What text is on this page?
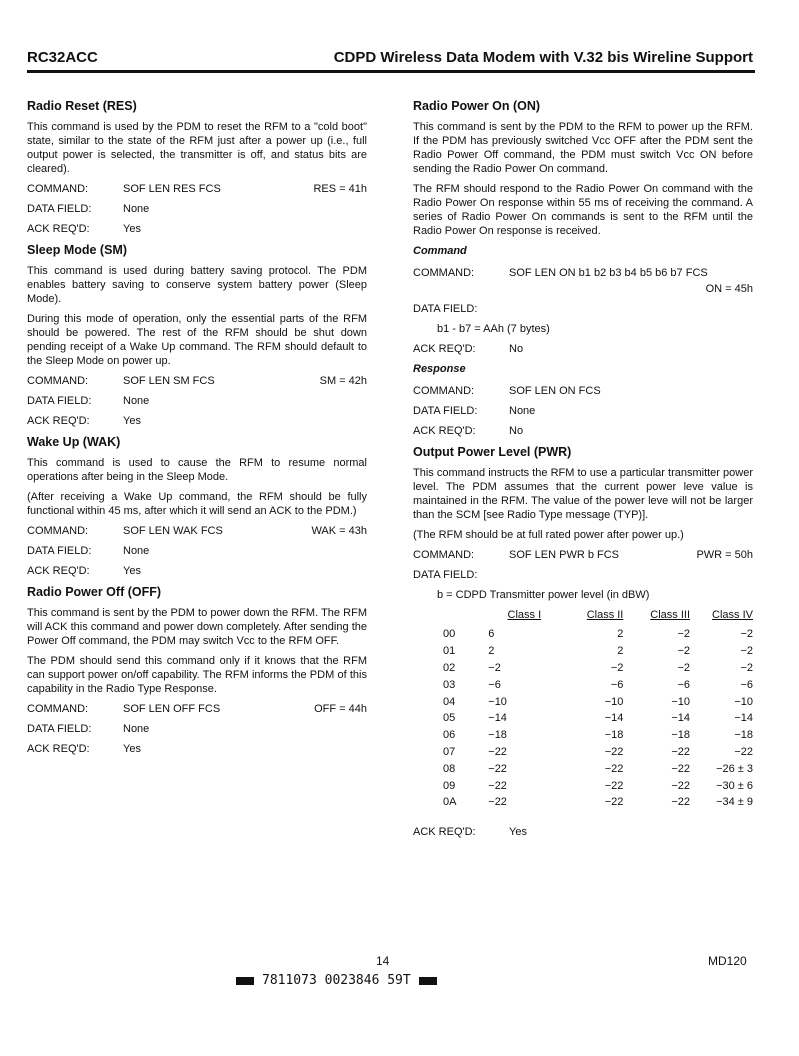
RC32ACC	CDPD Wireless Data Modem with V.32 bis Wireline Support
Radio Reset (RES)

This command is used by the PDM to reset the RFM to a "cold boot" state, similar to the state of the RFM just after a power up (i.e., full output power is selected, the transmitter is off, and status bits are cleared).

COMMAND:	SOF LEN RES FCS	RES = 41h
DATA FIELD:	None
ACK REQ'D:	Yes
Sleep Mode (SM)

This command is used during battery saving protocol. The PDM enables battery saving to conserve system battery power (Sleep Mode).

During this mode of operation, only the essential parts of the RFM should be powered. The rest of the RFM should be shut down pending receipt of a Wake Up command. The RFM should default to the Sleep Mode on power up.

COMMAND:	SOF LEN SM FCS	SM = 42h
DATA FIELD:	None
ACK REQ'D:	Yes
Wake Up (WAK)

This command is used to cause the RFM to resume normal operations after being in the Sleep Mode.

(After receiving a Wake Up command, the RFM should be fully functional within 45 ms, after which it will send an ACK to the PDM.)

COMMAND:	SOF LEN WAK FCS	WAK = 43h
DATA FIELD:	None
ACK REQ'D:	Yes
Radio Power Off (OFF)

This command is sent by the PDM to power down the RFM. The RFM will ACK this command and power down completely. After sending the Power Off command, the PDM may switch Vcc to the RFM OFF.

The PDM should send this command only if it knows that the RFM can support power on/off capability. The RFM informs the PDM of this capability in the Radio Type Response.

COMMAND:	SOF LEN OFF FCS	OFF = 44h
DATA FIELD:	None
ACK REQ'D:	Yes
Radio Power On (ON)

This command is sent by the PDM to the RFM to power up the RFM. If the PDM has previously switched Vcc OFF after the PDM sent the Radio Power Off command, the PDM must switch Vcc ON before sending the Radio Power On command.

The RFM should respond to the Radio Power On command with the Radio Power On response within 55 ms of receiving the command. A series of Radio Power On commands is sent to the RFM until the Radio Power On response is received.

Command
COMMAND:	SOF LEN ON b1 b2 b3 b4 b5 b6 b7 FCS
ON = 45h
DATA FIELD:
b1 - b7 = AAh (7 bytes)
ACK REQ'D:	No
Response
COMMAND:	SOF LEN ON FCS
DATA FIELD:	None
ACK REQ'D:	No
Output Power Level (PWR)

This command instructs the RFM to use a particular transmitter power level. The PDM assumes that the current power leve value is maintained in the RFM. The value of the power leve will not be larger than the SCM [see Radio Type message (TYP)].

(The RFM should be at full rated power after power up.)

COMMAND:	SOF LEN PWR b FCS	PWR = 50h
DATA FIELD:
b = CDPD Transmitter power level (in dBW)
	Class I	Class II	Class III	Class IV
00	6	2	−2	−2
01	2	2	−2	−2
02	−2	−2	−2	−2
03	−6	−6	−6	−6
04	−10	−10	−10	−10
05	−14	−14	−14	−14
06	−18	−18	−18	−18
07	−22	−22	−22	−22
08	−22	−22	−22	−26 ± 3
09	−22	−22	−22	−30 ± 6
0A	−22	−22	−22	−34 ± 9
ACK REQ'D:	Yes
14	MD120
7811073 0023846 59T
